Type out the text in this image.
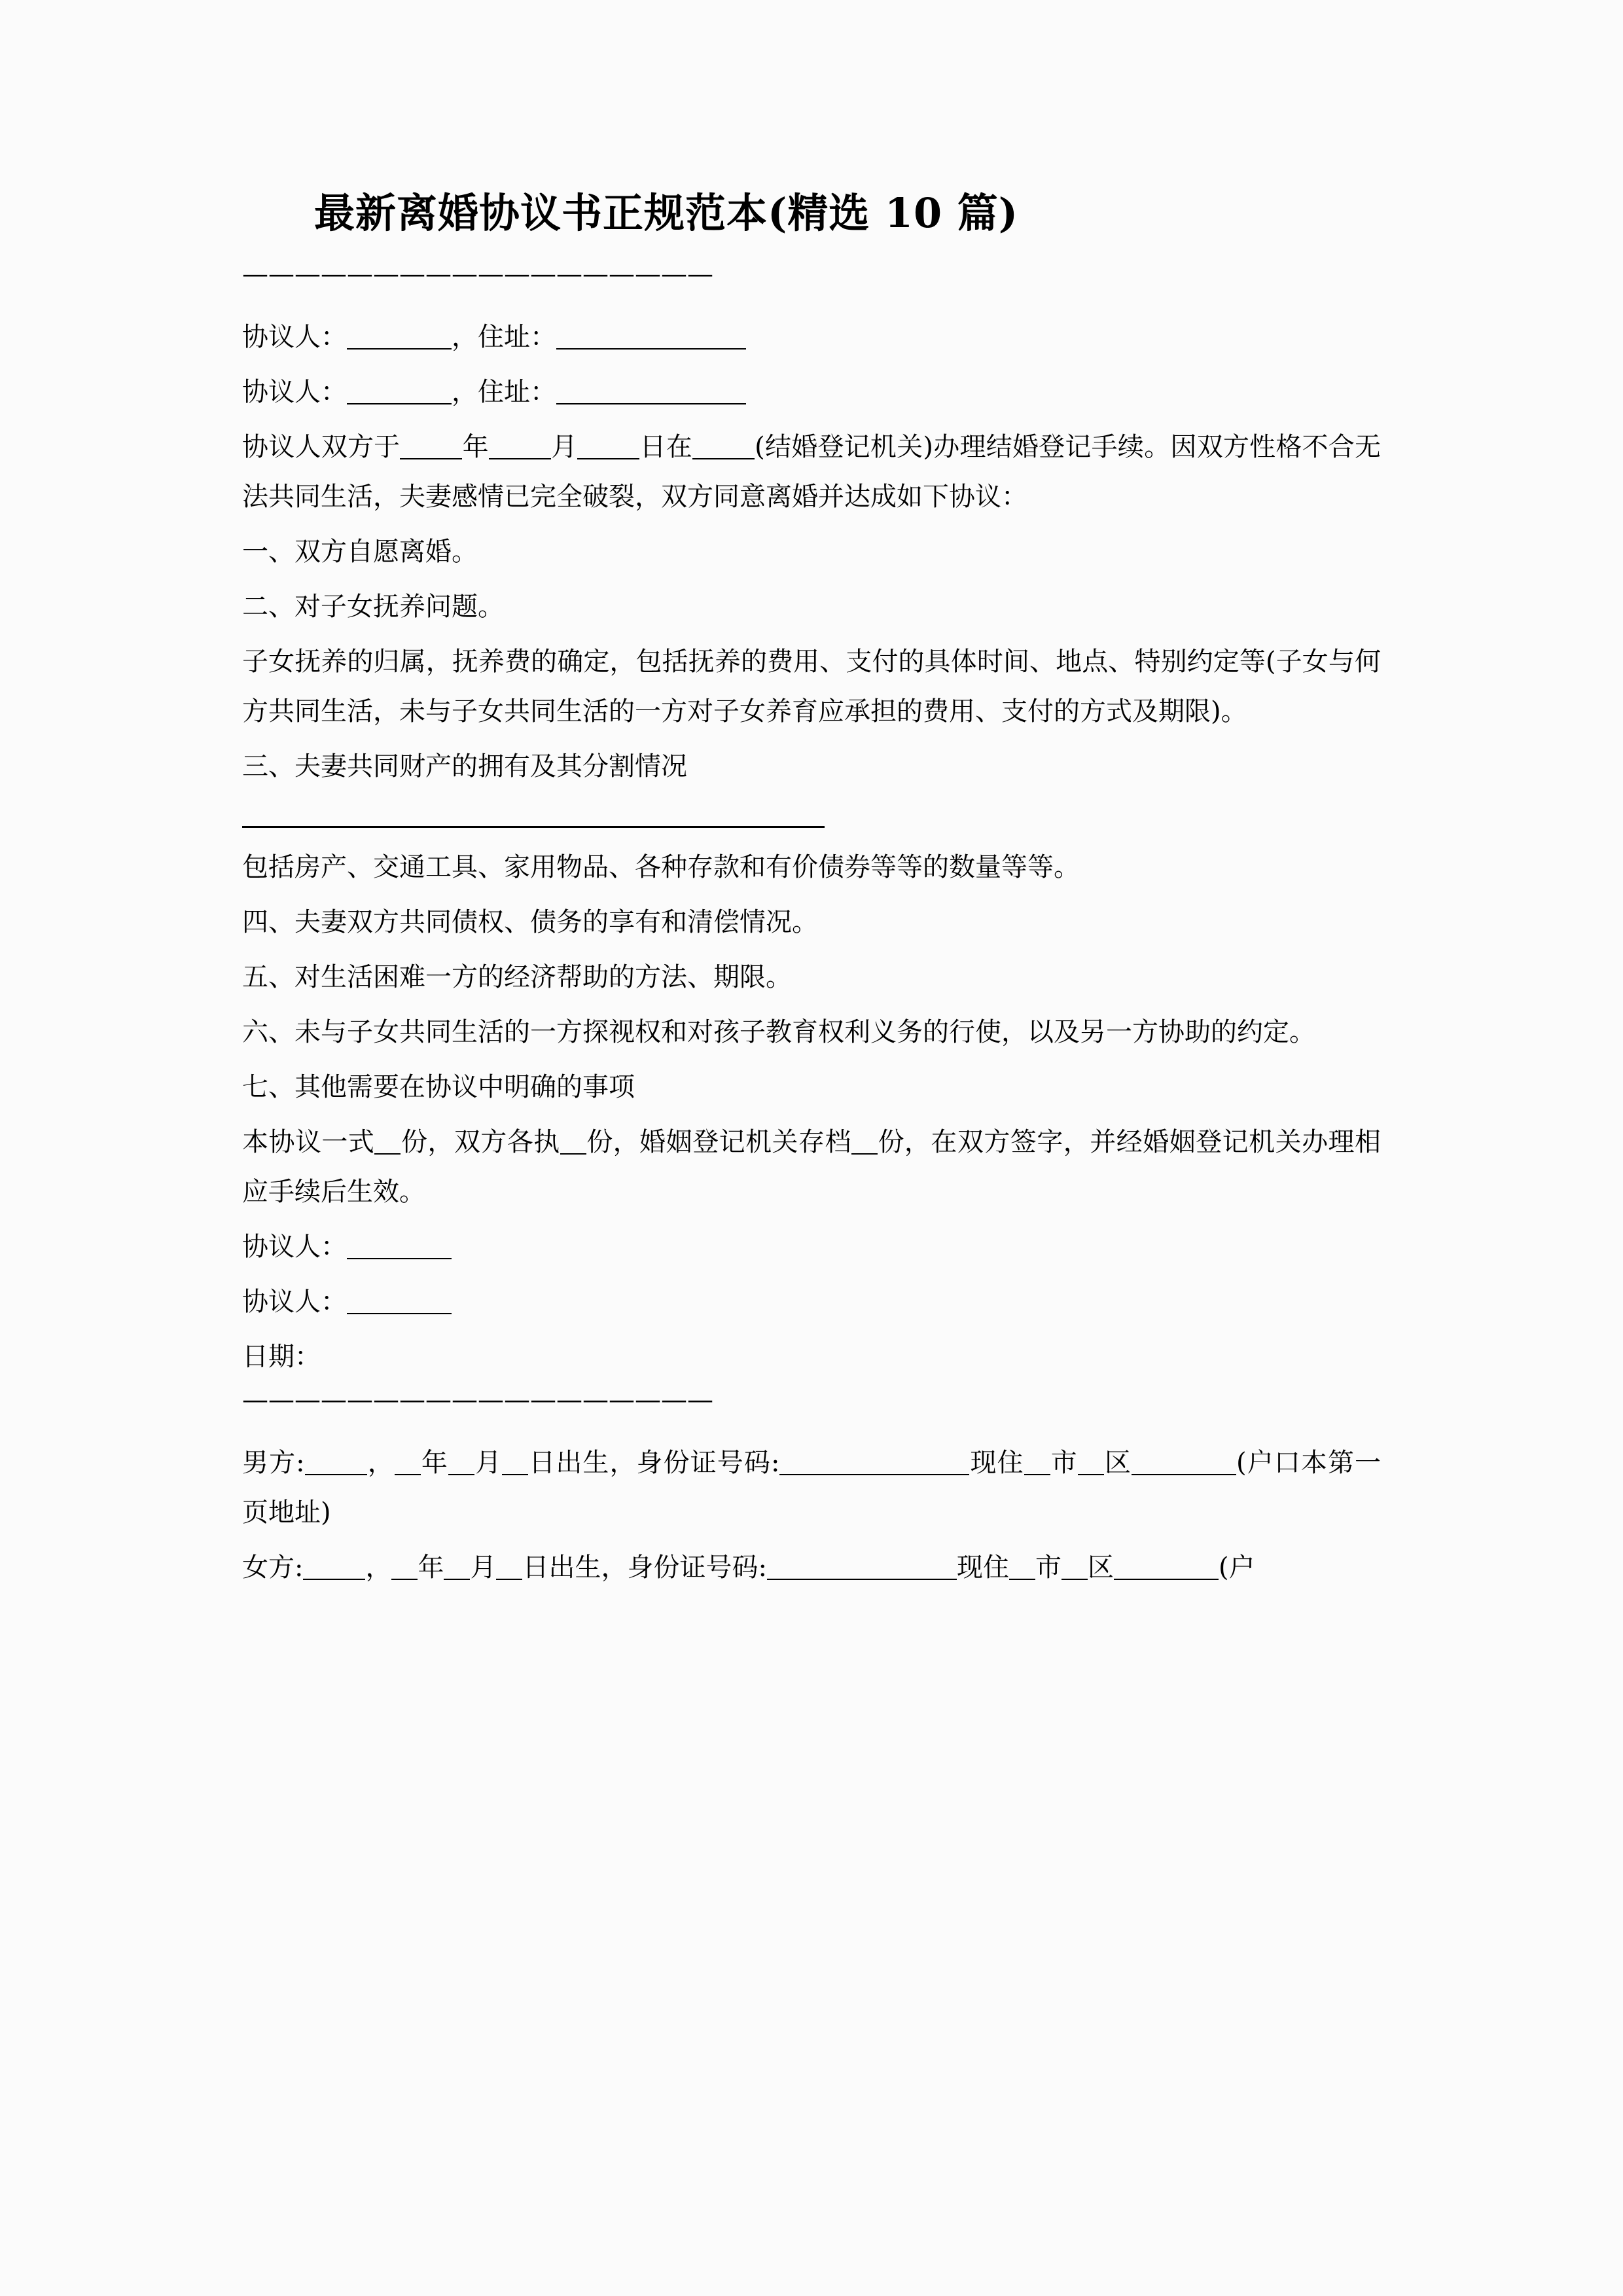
最新离婚协议书正规范本(精选 10 篇)
——————————————————

协议人：	，住址：

协议人：	，住址：

协议人双方于 年 月 日在 (结婚登记机关)办理结婚登记手续。因双方性格不合无法共同生活，夫妻感情已完全破裂，双方同意离婚并达成如下协议：

一、双方自愿离婚。

二、对子女抚养问题。

子女抚养的归属，抚养费的确定，包括抚养的费用、支付的具体时间、地点、特别约定等(子女与何方共同生活，未与子女共同生活的一方对子女养育应承担的费用、支付的方式及期限)。

三、夫妻共同财产的拥有及其分割情况

包括房产、交通工具、家用物品、各种存款和有价债券等等的数量等等。

四、夫妻双方共同债权、债务的享有和清偿情况。

五、对生活困难一方的经济帮助的方法、期限。

六、未与子女共同生活的一方探视权和对孩子教育权利义务的行使，以及另一方协助的约定。

七、其他需要在协议中明确的事项

本协议一式 份，双方各执 份，婚姻登记机关存档 份，在双方签字，并经婚姻登记机关办理相应手续后生效。

协议人：

协议人：

日期：

——————————————————

男方: ， 年 月 日出生，身份证号码:	现住 市 区	(户口本第一页地址)

女方: ， 年 月 日出生，身份证号码:	现住 市 区	(户
